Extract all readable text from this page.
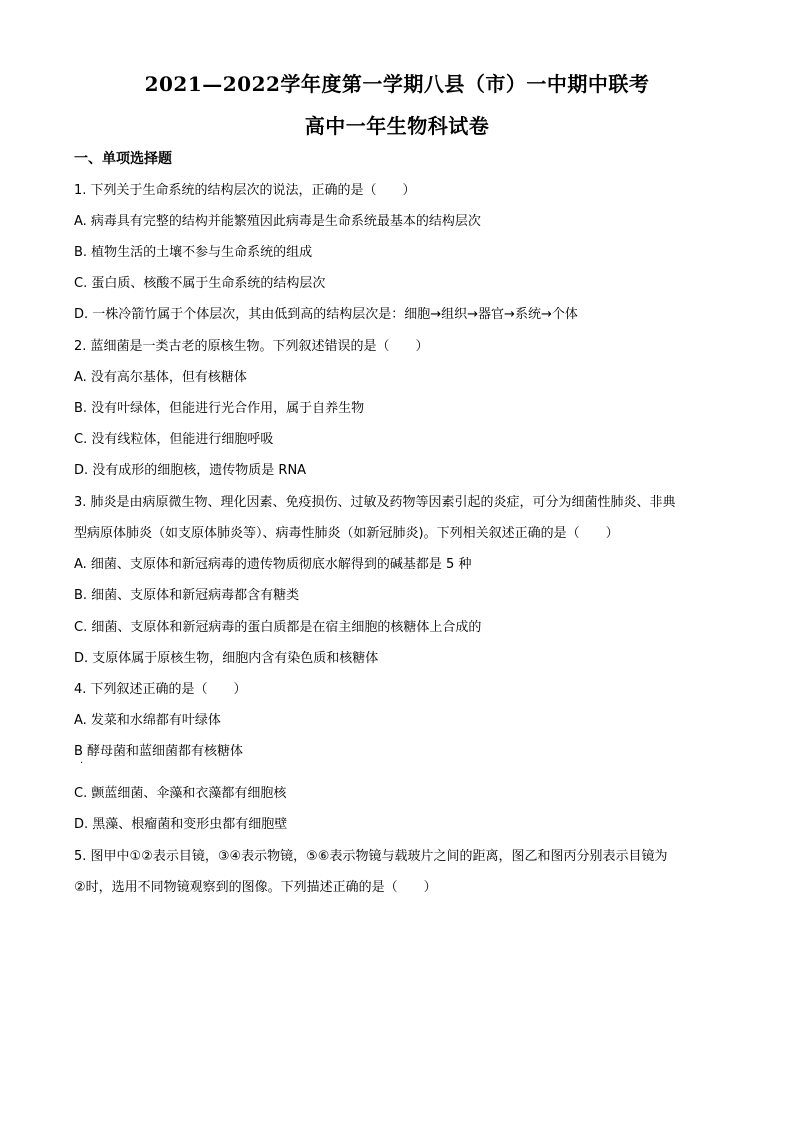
2021—2022学年度第一学期八县（市）一中期中联考
高中一年生物科试卷
一、单项选择题
1. 下列关于生命系统的结构层次的说法，正确的是（　　）
A. 病毒具有完整的结构并能繁殖因此病毒是生命系统最基本的结构层次
B. 植物生活的土壤不参与生命系统的组成
C. 蛋白质、核酸不属于生命系统的结构层次
D. 一株冷箭竹属于个体层次，其由低到高的结构层次是：细胞→组织→器官→系统→个体
2. 蓝细菌是一类古老的原核生物。下列叙述错误的是（　　）
A. 没有高尔基体，但有核糖体
B. 没有叶绿体，但能进行光合作用，属于自养生物
C. 没有线粒体，但能进行细胞呼吸
D. 没有成形的细胞核，遗传物质是 RNA
3. 肺炎是由病原微生物、理化因素、免疫损伤、过敏及药物等因素引起的炎症，可分为细菌性肺炎、非典
型病原体肺炎（如支原体肺炎等）、病毒性肺炎（如新冠肺炎)。下列相关叙述正确的是（　　）
A. 细菌、支原体和新冠病毒的遗传物质彻底水解得到的碱基都是 5 种
B. 细菌、支原体和新冠病毒都含有糖类
C. 细菌、支原体和新冠病毒的蛋白质都是在宿主细胞的核糖体上合成的
D. 支原体属于原核生物，细胞内含有染色质和核糖体
4. 下列叙述正确的是（　　）
A. 发菜和水绵都有叶绿体
B 酵母菌和蓝细菌都有核糖体
·
C. 颤蓝细菌、伞藻和衣藻都有细胞核
D. 黑藻、根瘤菌和变形虫都有细胞壁
5. 图甲中①②表示目镜，③④表示物镜，⑤⑥表示物镜与载玻片之间的距离，图乙和图丙分别表示目镜为
②时，选用不同物镜观察到的图像。下列描述正确的是（　　）
